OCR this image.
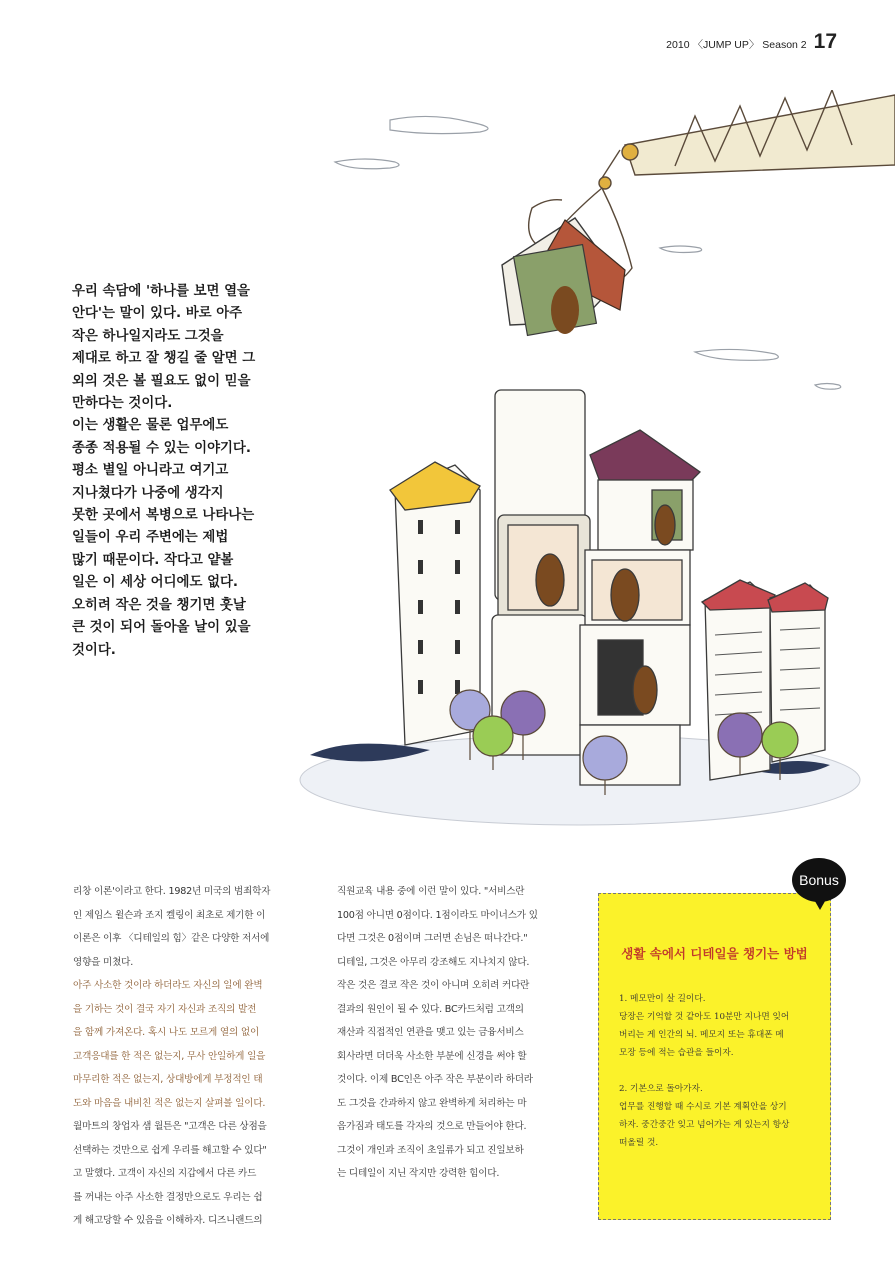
2010 〈JUMP UP〉 Season 2 17

우리 속담에 '하나를 보면 열을

안다'는 말이 있다. 바로 아주

작은 하나일지라도 그것을

제대로 하고 잘 챙길 줄 알면 그

외의 것은 볼 필요도 없이 믿을

만하다는 것이다.

이는 생활은 물론 업무에도

종종 적용될 수 있는 이야기다.

평소 별일 아니라고 여기고

지나쳤다가 나중에 생각지

못한 곳에서 복병으로 나타나는

일들이 우리 주변에는 제법

많기 때문이다. 작다고 얕볼

일은 이 세상 어디에도 없다.

오히려 작은 것을 챙기면 훗날

큰 것이 되어 돌아올 날이 있을

것이다.

리창 이론'이라고 한다. 1982년 미국의 범죄학자

인 제임스 윌슨과 조지 켈링이 최초로 제기한 이

이론은 이후 〈디테일의 힘〉같은 다양한 저서에

영향을 미쳤다.

아주 사소한 것이라 하더라도 자신의 일에 완벽

을 기하는 것이 결국 자기 자신과 조직의 발전

을 함께 가져온다. 혹시 나도 모르게 열의 없이

고객응대를 한 적은 없는지, 무사 안일하게 일을

마무리한 적은 없는지, 상대방에게 부정적인 태

도와 마음을 내비친 적은 없는지 살펴볼 일이다.

월마트의 창업자 샘 월튼은 "고객은 다른 상점을

선택하는 것만으로 쉽게 우리를 해고할 수 있다"

고 말했다. 고객이 자신의 지갑에서 다른 카드

를 꺼내는 아주 사소한 결정만으로도 우리는 쉽

게 해고당할 수 있음을 이해하자. 디즈니랜드의

직원교육 내용 중에 이런 말이 있다. "서비스란

100점 아니면 0점이다. 1점이라도 마이너스가 있

다면 그것은 0점이며 그러면 손님은 떠나간다."

디테일, 그것은 아무리 강조해도 지나치지 않다.

작은 것은 결코 작은 것이 아니며 오히려 커다란

결과의 원인이 될 수 있다. BC카드처럼 고객의

재산과 직접적인 연관을 맺고 있는 금융서비스

회사라면 더더욱 사소한 부분에 신경을 써야 할

것이다. 이제 BC인은 아주 작은 부분이라 하더라

도 그것을 간과하지 않고 완벽하게 처리하는 마

음가짐과 태도를 각자의 것으로 만들어야 한다.

그것이 개인과 조직이 초일류가 되고 진일보하

는 디테일이 지닌 작지만 강력한 힘이다.

생활 속에서 디테일을 챙기는 방법

1. 메모만이 살 길이다.

당장은 기억할 것 같아도 10분만 지나면 잊어

버리는 게 인간의 뇌. 메모지 또는 휴대폰 메

모장 등에 적는 습관을 들이자.

2. 기본으로 돌아가자.

업무를 진행할 때 수시로 기본 계획안을 상기

하자. 중간중간 잊고 넘어가는 게 있는지 항상

떠올릴 것.

Bonus
